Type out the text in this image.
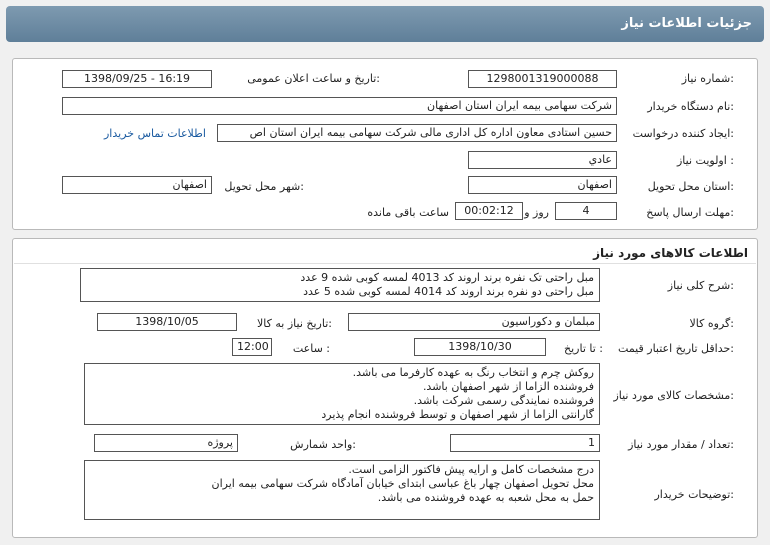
جزئیات اطلاعات نیاز
شماره نیاز:
1298001319000088
تاریخ و ساعت اعلان عمومی:
1398/09/25 - 16:19
نام دستگاه خریدار:
شرکت سهامی بیمه ایران استان اصفهان
ایجاد کننده درخواست:
حسین استادی معاون اداره کل اداری مالی شرکت سهامی بیمه ایران استان اص
اطلاعات تماس خریدار
اولویت نیاز :
عادي
استان محل تحویل:
اصفهان
شهر محل تحویل:
اصفهان
مهلت ارسال پاسخ:
4
روز و
00:02:12
ساعت باقی مانده
اطلاعات کالاهای مورد نیاز
شرح کلی نیاز:
مبل راحتی تک نفره برند اروند کد 4013 لمسه کوبی شده 9 عدد
مبل راحتی دو نفره برند اروند کد 4014 لمسه کوبی شده 5 عدد
گروه کالا:
مبلمان و دکوراسیون
تاریخ نیاز به کالا:
1398/10/05
حداقل تاریخ اعتبار قیمت:
تا تاریخ :
1398/10/30
ساعت :
12:00
مشخصات کالای مورد نیاز:
روکش چرم و انتخاب رنگ به عهده کارفرما می باشد.
فروشنده الزاما از شهر اصفهان باشد.
فروشنده نمایندگی رسمی شرکت باشد.
گارانتی الزاما از شهر اصفهان و توسط فروشنده انجام پذیرد
تعداد / مقدار مورد نیاز:
1
واحد شمارش:
پروژه
توضیحات خریدار:
درج مشخصات کامل و ارایه پیش فاکتور الزامی است.
محل تحویل اصفهان چهار باغ عباسی ابتدای خیابان آمادگاه شرکت سهامی بیمه ایران
حمل به محل شعبه به عهده فروشنده می باشد.
